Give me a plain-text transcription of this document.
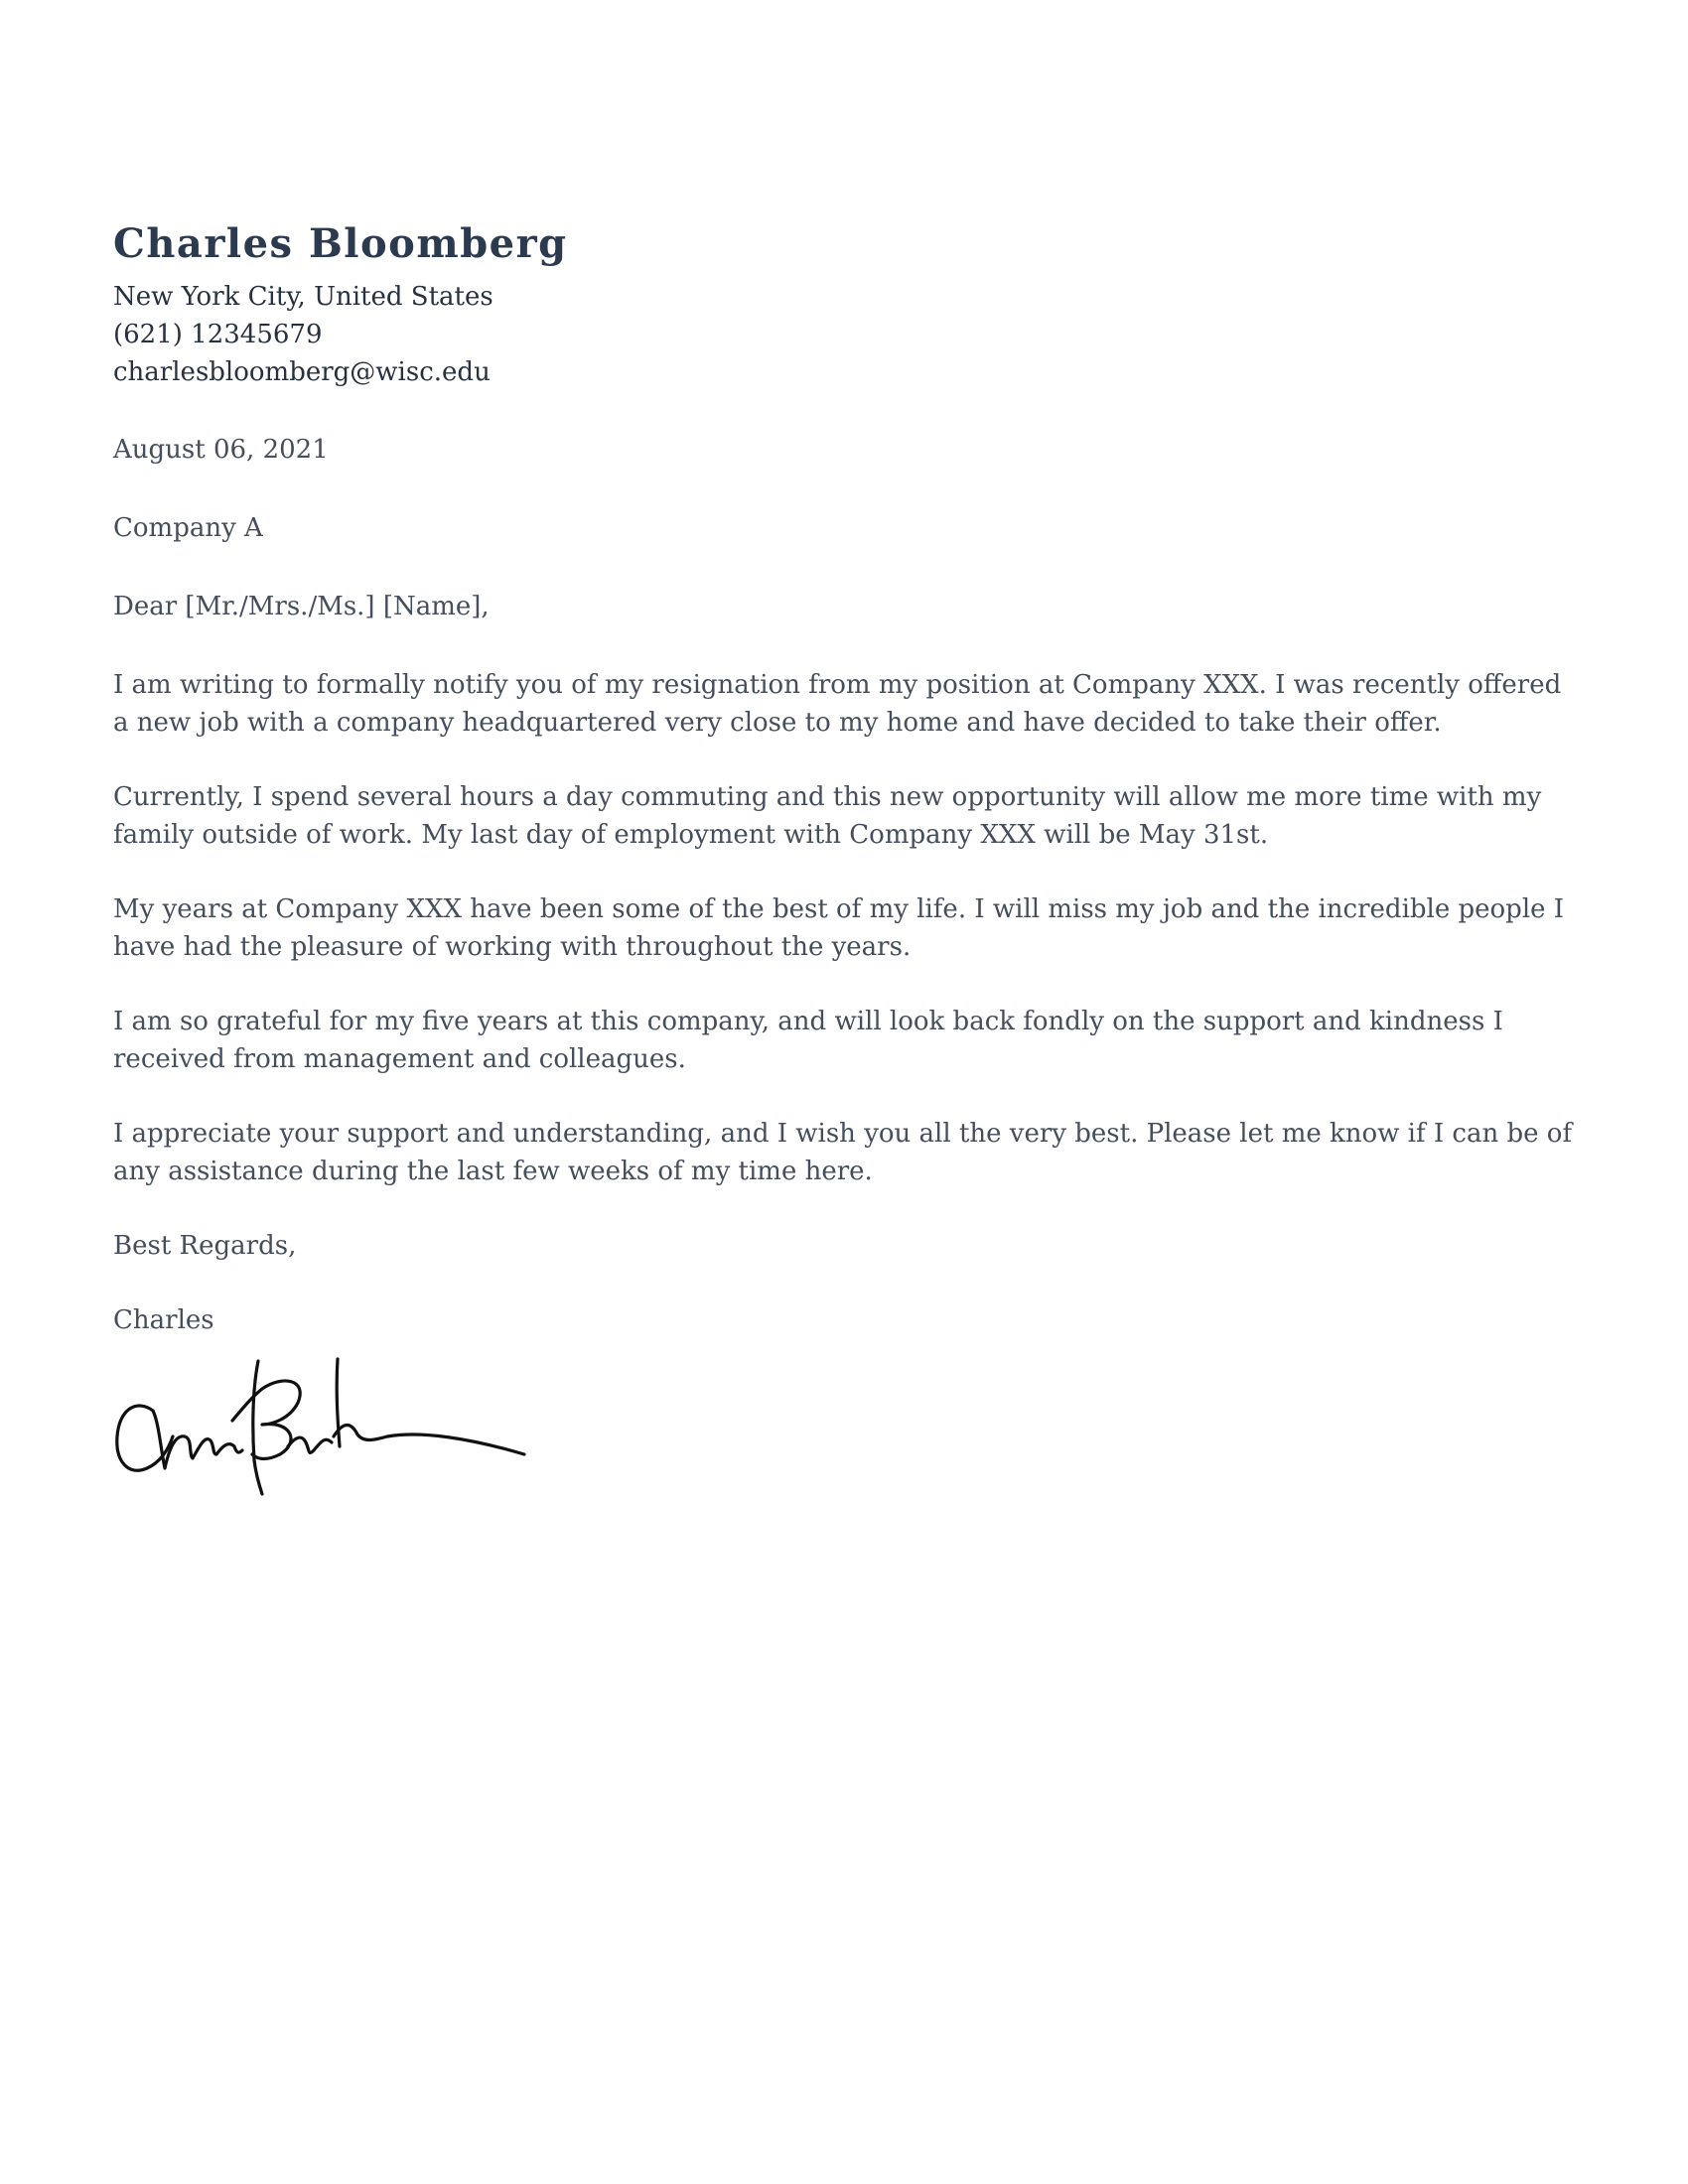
Charles Bloomberg
New York City, United States
(621) 12345679
charlesbloomberg@wisc.edu
August 06, 2021
Company A
Dear [Mr./Mrs./Ms.] [Name],

I am writing to formally notify you of my resignation from my position at Company XXX. I was recently offered a new job with a company headquartered very close to my home and have decided to take their offer.

Currently, I spend several hours a day commuting and this new opportunity will allow me more time with my family outside of work. My last day of employment with Company XXX will be May 31st.

My years at Company XXX have been some of the best of my life. I will miss my job and the incredible people I have had the pleasure of working with throughout the years.

I am so grateful for my five years at this company, and will look back fondly on the support and kindness I received from management and colleagues.

I appreciate your support and understanding, and I wish you all the very best. Please let me know if I can be of any assistance during the last few weeks of my time here.

Best Regards,
Charles
